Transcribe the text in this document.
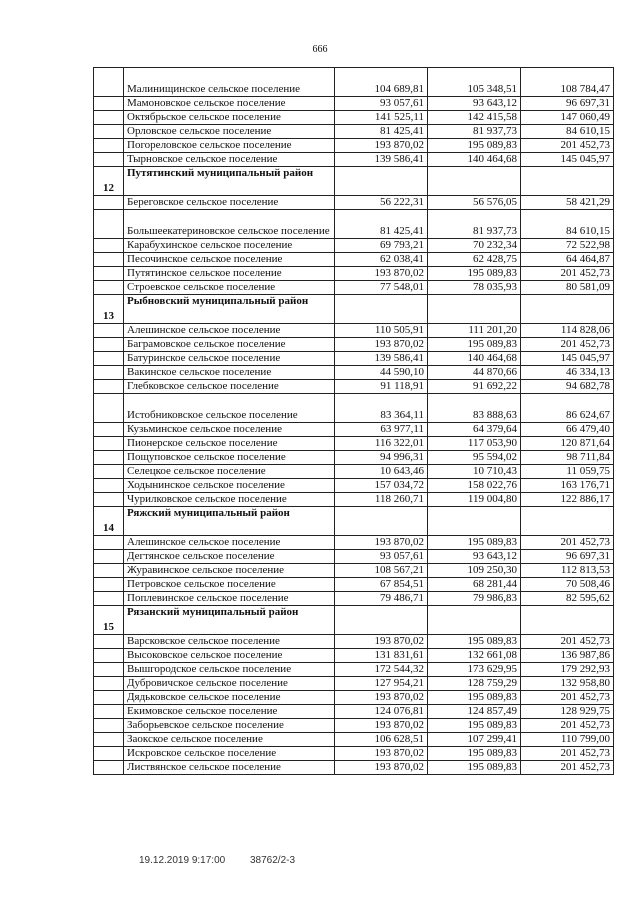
666
	Малинищинское сельское поселение	104 689,81	105 348,51	108 784,47
	Мамоновское сельское поселение	93 057,61	93 643,12	96 697,31
	Октябрьское сельское поселение	141 525,11	142 415,58	147 060,49
	Орловское сельское поселение	81 425,41	81 937,73	84 610,15
	Погореловское сельское поселение	193 870,02	195 089,83	201 452,73
	Тырновское сельское поселение	139 586,41	140 464,68	145 045,97
12	Путятинский муниципальный район			
	Береговское сельское поселение	56 222,31	56 576,05	58 421,29
	Большеекатериновское сельское поселение	81 425,41	81 937,73	84 610,15
	Карабухинское сельское поселение	69 793,21	70 232,34	72 522,98
	Песочинское сельское поселение	62 038,41	62 428,75	64 464,87
	Путятинское сельское поселение	193 870,02	195 089,83	201 452,73
	Строевское сельское поселение	77 548,01	78 035,93	80 581,09
13	Рыбновский муниципальный район			
	Алешинское сельское поселение	110 505,91	111 201,20	114 828,06
	Баграмовское сельское поселение	193 870,02	195 089,83	201 452,73
	Батуринское сельское поселение	139 586,41	140 464,68	145 045,97
	Вакинское сельское поселение	44 590,10	44 870,66	46 334,13
	Глебковское сельское поселение	91 118,91	91 692,22	94 682,78
	Истобниковское сельское поселение	83 364,11	83 888,63	86 624,67
	Кузьминское сельское поселение	63 977,11	64 379,64	66 479,40
	Пионерское сельское поселение	116 322,01	117 053,90	120 871,64
	Пощуповское сельское поселение	94 996,31	95 594,02	98 711,84
	Селецкое сельское поселение	10 643,46	10 710,43	11 059,75
	Ходынинское сельское поселение	157 034,72	158 022,76	163 176,71
	Чурилковское сельское поселение	118 260,71	119 004,80	122 886,17
14	Ряжский муниципальный район			
	Алешинское сельское поселение	193 870,02	195 089,83	201 452,73
	Дегтянское сельское поселение	93 057,61	93 643,12	96 697,31
	Журавинское сельское поселение	108 567,21	109 250,30	112 813,53
	Петровское сельское поселение	67 854,51	68 281,44	70 508,46
	Поплевинское сельское поселение	79 486,71	79 986,83	82 595,62
15	Рязанский муниципальный район			
	Варсковское сельское поселение	193 870,02	195 089,83	201 452,73
	Высоковское сельское поселение	131 831,61	132 661,08	136 987,86
	Вышгородское сельское поселение	172 544,32	173 629,95	179 292,93
	Дубровичское сельское поселение	127 954,21	128 759,29	132 958,80
	Дядьковское сельское поселение	193 870,02	195 089,83	201 452,73
	Екимовское сельское поселение	124 076,81	124 857,49	128 929,75
	Заборьевское сельское поселение	193 870,02	195 089,83	201 452,73
	Заокское сельское поселение	106 628,51	107 299,41	110 799,00
	Искровское сельское поселение	193 870,02	195 089,83	201 452,73
	Листвянское сельское поселение	193 870,02	195 089,83	201 452,73
19.12.2019 9:17:00 38762/2-3
